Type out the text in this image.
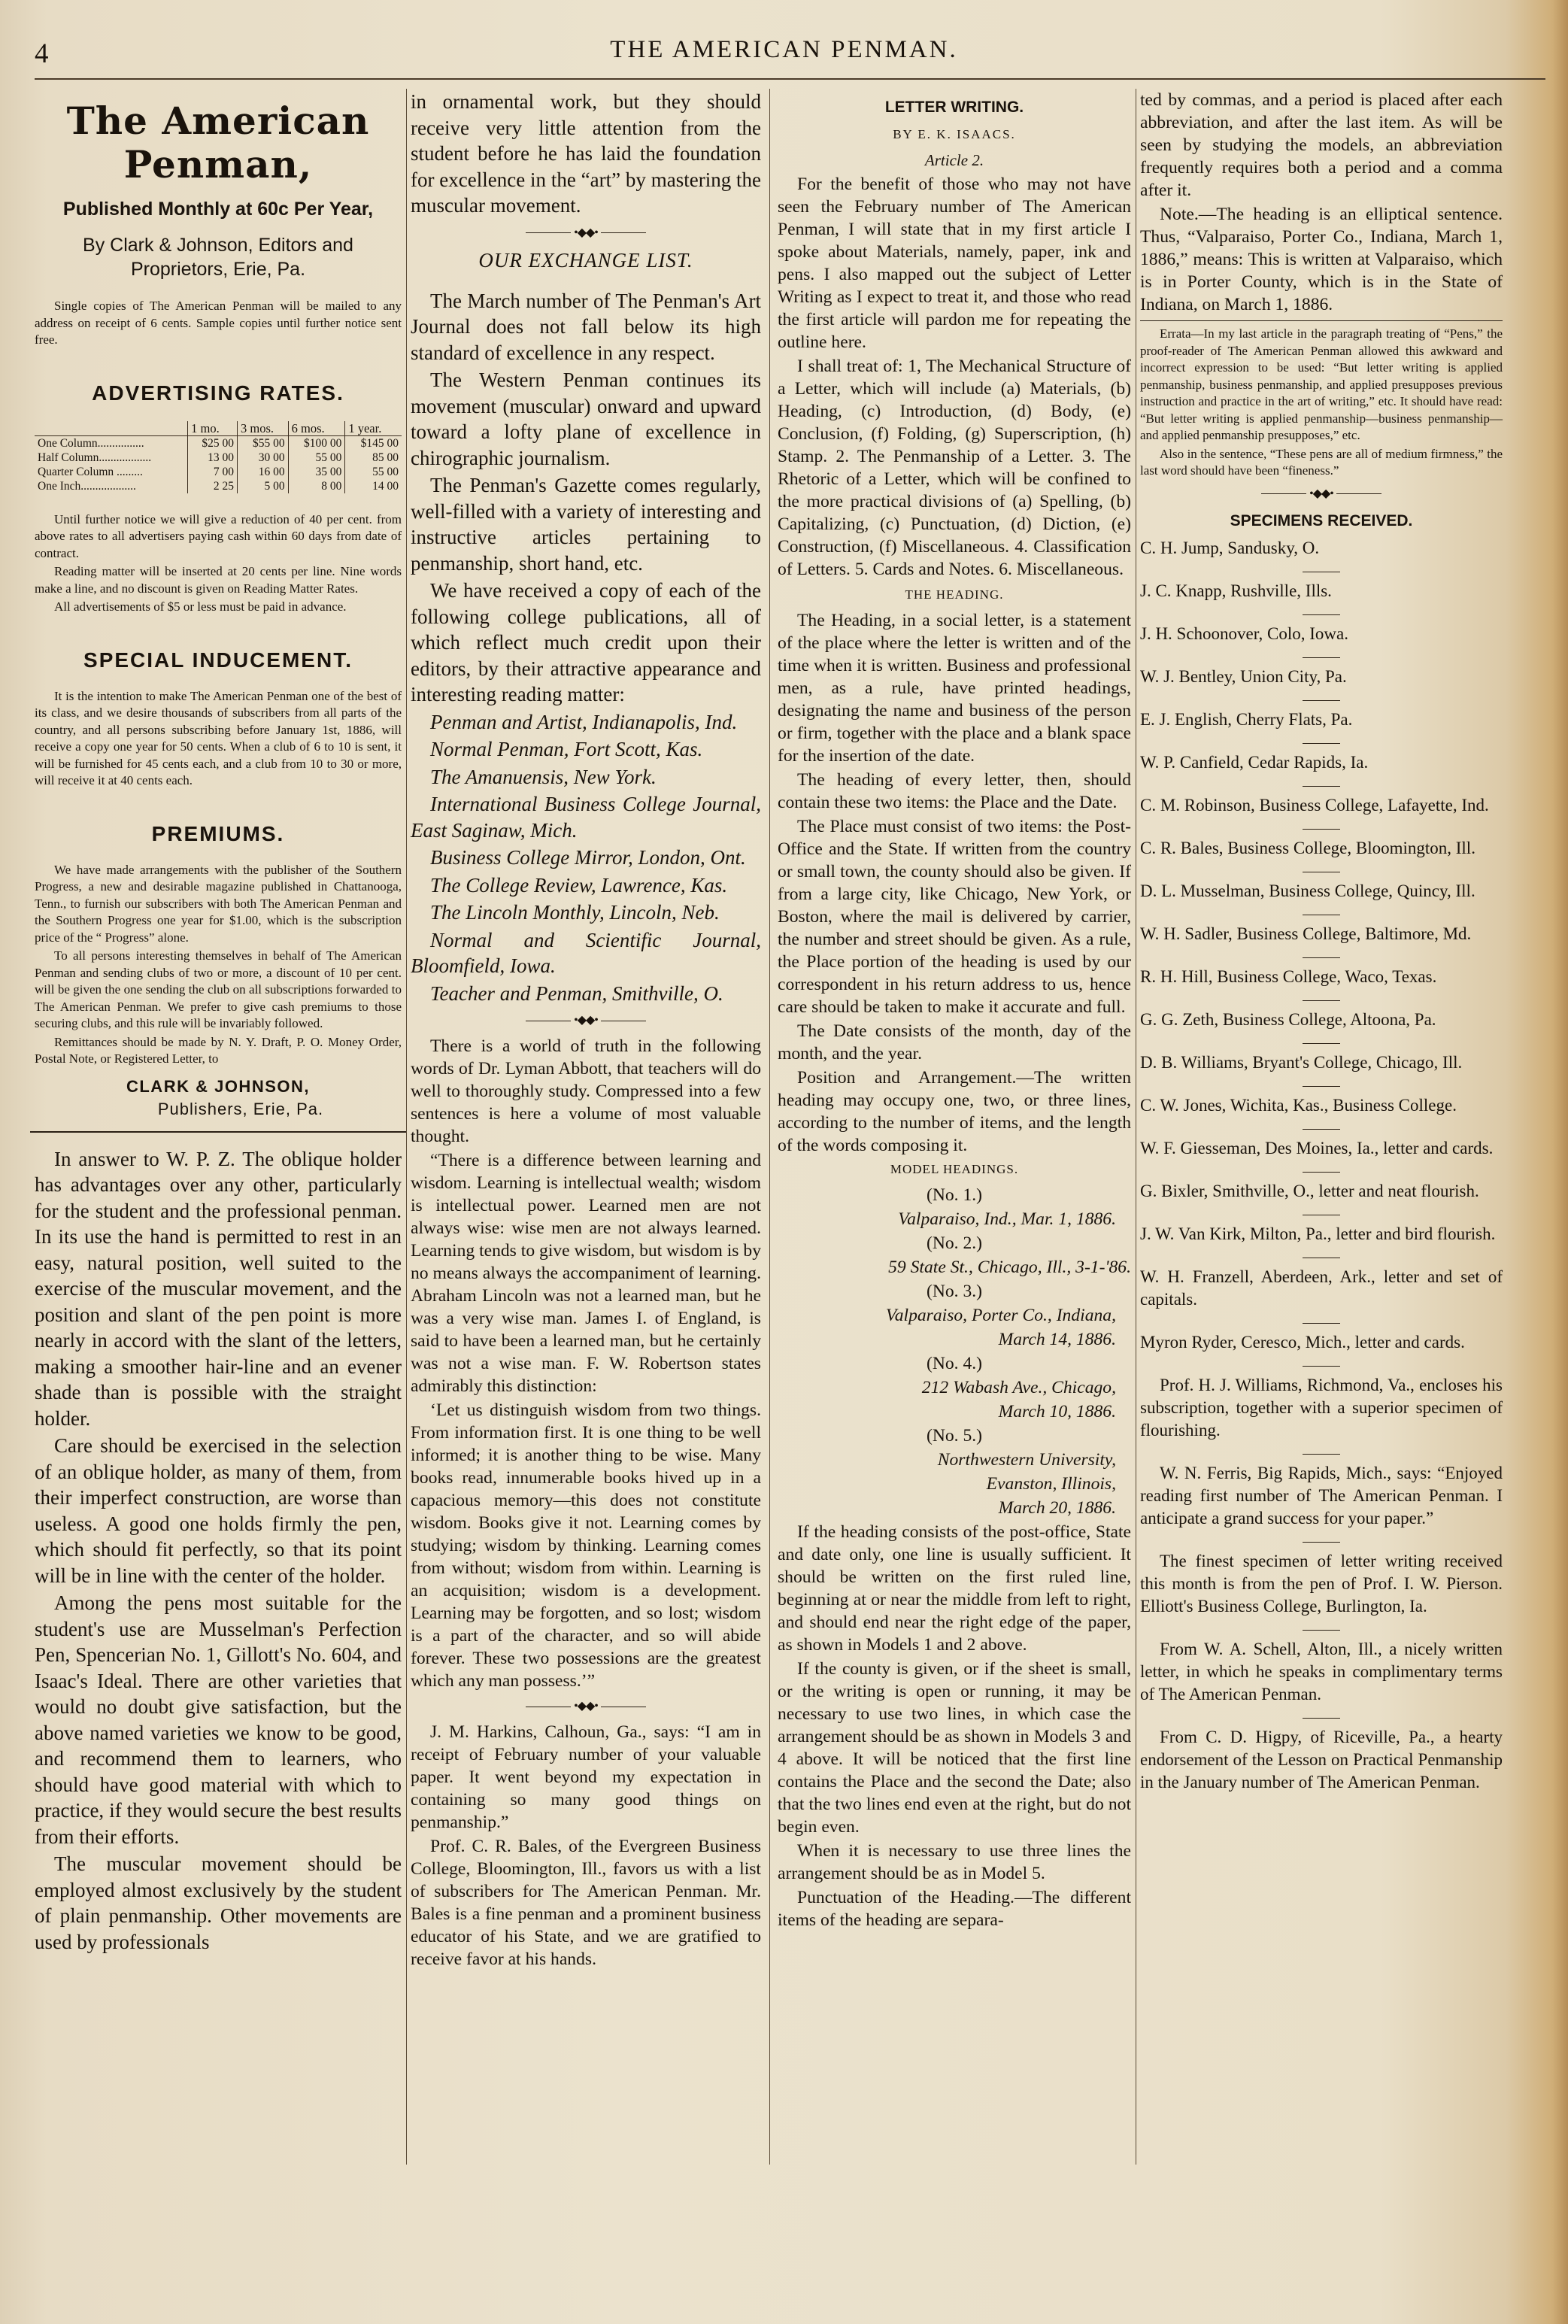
4	THE AMERICAN PENMAN.
The American Penman,
Published Monthly at 60c Per Year,
By Clark & Johnson, Editors and Proprietors, Erie, Pa.

Single copies of The American Penman will be mailed to any address on receipt of 6 cents. Sample copies until further notice sent free.

ADVERTISING RATES.
	1 mo.	3 mos.	6 mos.	1 year.
One Column................	$25 00	$55 00	$100 00	$145 00
Half Column..................	13 00	30 00	55 00	85 00
Quarter Column .........	7 00	16 00	35 00	55 00
One Inch...................	2 25	5 00	8 00	14 00

Until further notice we will give a reduction of 40 per cent. from above rates to all advertisers paying cash within 60 days from date of contract.

Reading matter will be inserted at 20 cents per line. Nine words make a line, and no discount is given on Reading Matter Rates.

All advertisements of $5 or less must be paid in advance.

SPECIAL INDUCEMENT.

It is the intention to make The American Penman one of the best of its class, and we desire thousands of subscribers from all parts of the country, and all persons subscribing before January 1st, 1886, will receive a copy one year for 50 cents. When a club of 6 to 10 is sent, it will be furnished for 45 cents each, and a club from 10 to 30 or more, will receive it at 40 cents each.

PREMIUMS.

We have made arrangements with the publisher of the Southern Progress, a new and desirable magazine published in Chattanooga, Tenn., to furnish our subscribers with both The American Penman and the Southern Progress one year for $1.00, which is the subscription price of the “ Progress” alone.

To all persons interesting themselves in behalf of The American Penman and sending clubs of two or more, a discount of 10 per cent. will be given the one sending the club on all subscriptions forwarded to The American Penman. We prefer to give cash premiums to those securing clubs, and this rule will be invariably followed.

Remittances should be made by N. Y. Draft, P. O. Money Order, Postal Note, or Registered Letter, to

CLARK & JOHNSON,
Publishers, Erie, Pa.

In answer to W. P. Z. The oblique holder has advantages over any other, particularly for the student and the professional penman. In its use the hand is permitted to rest in an easy, natural position, well suited to the exercise of the muscular movement, and the position and slant of the pen point is more nearly in accord with the slant of the letters, making a smoother hair-line and an evener shade than is possible with the straight holder.

Care should be exercised in the selection of an oblique holder, as many of them, from their imperfect construction, are worse than useless. A good one holds firmly the pen, which should fit perfectly, so that its point will be in line with the center of the holder.

Among the pens most suitable for the student's use are Musselman's Perfection Pen, Spencerian No. 1, Gillott's No. 604, and Isaac's Ideal. There are other varieties that would no doubt give satisfaction, but the above named varieties we know to be good, and recommend them to learners, who should have good material with which to practice, if they would secure the best results from their efforts.

The muscular movement should be employed almost exclusively by the student of plain penmanship. Other movements are used by professionals

in ornamental work, but they should receive very little attention from the student before he has laid the foundation for excellence in the “art” by mastering the muscular movement.

•◆◆•
OUR EXCHANGE LIST.

The March number of The Penman's Art Journal does not fall below its high standard of excellence in any respect.

The Western Penman continues its movement (muscular) onward and upward toward a lofty plane of excellence in chirographic journalism.

The Penman's Gazette comes regularly, well-filled with a variety of interesting and instructive articles pertaining to penmanship, short hand, etc.

We have received a copy of each of the following college publications, all of which reflect much credit upon their editors, by their attractive appearance and interesting reading matter:

Penman and Artist, Indianapolis, Ind.

Normal Penman, Fort Scott, Kas.

The Amanuensis, New York.

International Business College Journal, East Saginaw, Mich.

Business College Mirror, London, Ont.

The College Review, Lawrence, Kas.

The Lincoln Monthly, Lincoln, Neb.

Normal and Scientific Journal, Bloomfield, Iowa.

Teacher and Penman, Smithville, O.

•◆◆•

There is a world of truth in the following words of Dr. Lyman Abbott, that teachers will do well to thoroughly study. Compressed into a few sentences is here a volume of most valuable thought.

“There is a difference between learning and wisdom. Learning is intellectual wealth; wisdom is intellectual power. Learned men are not always wise: wise men are not always learned. Learning tends to give wisdom, but wisdom is by no means always the accompaniment of learning. Abraham Lincoln was not a learned man, but he was a very wise man. James I. of England, is said to have been a learned man, but he certainly was not a wise man. F. W. Robertson states admirably this distinction:

‘Let us distinguish wisdom from two things. From information first. It is one thing to be well informed; it is another thing to be wise. Many books read, innumerable books hived up in a capacious memory—this does not constitute wisdom. Books give it not. Learning comes by studying; wisdom by thinking. Learning comes from without; wisdom from within. Learning is an acquisition; wisdom is a development. Learning may be forgotten, and so lost; wisdom is a part of the character, and so will abide forever. These two possessions are the greatest which any man possess.’”

•◆◆•

J. M. Harkins, Calhoun, Ga., says: “I am in receipt of February number of your valuable paper. It went beyond my expectation in containing so many good things on penmanship.”

Prof. C. R. Bales, of the Evergreen Business College, Bloomington, Ill., favors us with a list of subscribers for The American Penman. Mr. Bales is a fine penman and a prominent business educator of his State, and we are gratified to receive favor at his hands.

LETTER WRITING.
BY E. K. ISAACS.
Article 2.

For the benefit of those who may not have seen the February number of The American Penman, I will state that in my first article I spoke about Materials, namely, paper, ink and pens. I also mapped out the subject of Letter Writing as I expect to treat it, and those who read the first article will pardon me for repeating the outline here.

I shall treat of: 1, The Mechanical Structure of a Letter, which will include (a) Materials, (b) Heading, (c) Introduction, (d) Body, (e) Conclusion, (f) Folding, (g) Superscription, (h) Stamp. 2. The Penmanship of a Letter. 3. The Rhetoric of a Letter, which will be confined to the more practical divisions of (a) Spelling, (b) Capitalizing, (c) Punctuation, (d) Diction, (e) Construction, (f) Miscellaneous. 4. Classification of Letters. 5. Cards and Notes. 6. Miscellaneous.

THE HEADING.

The Heading, in a social letter, is a statement of the place where the letter is written and of the time when it is written. Business and professional men, as a rule, have printed headings, designating the name and business of the person or firm, together with the place and a blank space for the insertion of the date.

The heading of every letter, then, should contain these two items: the Place and the Date.

The Place must consist of two items: the Post-Office and the State. If written from the country or small town, the county should also be given. If from a large city, like Chicago, New York, or Boston, where the mail is delivered by carrier, the number and street should be given. As a rule, the Place portion of the heading is used by our correspondent in his return address to us, hence care should be taken to make it accurate and full.

The Date consists of the month, day of the month, and the year.

Position and Arrangement.—The written heading may occupy one, two, or three lines, according to the number of items, and the length of the words composing it.

MODEL HEADINGS.

(No. 1.)

Valparaiso, Ind., Mar. 1, 1886.

(No. 2.)

59 State St., Chicago, Ill., 3-1-'86.

(No. 3.)

Valparaiso, Porter Co., Indiana,

March 14, 1886.

(No. 4.)

212 Wabash Ave., Chicago,

March 10, 1886.

(No. 5.)

Northwestern University,

Evanston, Illinois,

March 20, 1886.

If the heading consists of the post-office, State and date only, one line is usually sufficient. It should be written on the first ruled line, beginning at or near the middle from left to right, and should end near the right edge of the paper, as shown in Models 1 and 2 above.

If the county is given, or if the sheet is small, or the writing is open or running, it may be necessary to use two lines, in which case the arrangement should be as shown in Models 3 and 4 above. It will be noticed that the first line contains the Place and the second the Date; also that the two lines end even at the right, but do not begin even.

When it is necessary to use three lines the arrangement should be as in Model 5.

Punctuation of the Heading.—The different items of the heading are separa-

ted by commas, and a period is placed after each abbreviation, and after the last item. As will be seen by studying the models, an abbreviation frequently requires both a period and a comma after it.

Note.—The heading is an elliptical sentence. Thus, “Valparaiso, Porter Co., Indiana, March 1, 1886,” means: This is written at Valparaiso, which is in Porter County, which is in the State of Indiana, on March 1, 1886.

Errata—In my last article in the paragraph treating of “Pens,” the proof-reader of The American Penman allowed this awkward and incorrect expression to be used: “But letter writing is applied penmanship, business penmanship, and applied presupposes previous instruction and practice in the art of writing,” etc. It should have read: “But letter writing is applied penmanship—business penmanship—and applied penmanship presupposes,” etc.

Also in the sentence, “These pens are all of medium firmness,” the last word should have been “fineness.”

•◆◆•
SPECIMENS RECEIVED.

C. H. Jump, Sandusky, O.

J. C. Knapp, Rushville, Ills.

J. H. Schoonover, Colo, Iowa.

W. J. Bentley, Union City, Pa.

E. J. English, Cherry Flats, Pa.

W. P. Canfield, Cedar Rapids, Ia.

C. M. Robinson, Business College, Lafayette, Ind.

C. R. Bales, Business College, Bloomington, Ill.

D. L. Musselman, Business College, Quincy, Ill.

W. H. Sadler, Business College, Baltimore, Md.

R. H. Hill, Business College, Waco, Texas.

G. G. Zeth, Business College, Altoona, Pa.

D. B. Williams, Bryant's College, Chicago, Ill.

C. W. Jones, Wichita, Kas., Business College.

W. F. Giesseman, Des Moines, Ia., letter and cards.

G. Bixler, Smithville, O., letter and neat flourish.

J. W. Van Kirk, Milton, Pa., letter and bird flourish.

W. H. Franzell, Aberdeen, Ark., letter and set of capitals.

Myron Ryder, Ceresco, Mich., letter and cards.

Prof. H. J. Williams, Richmond, Va., encloses his subscription, together with a superior specimen of flourishing.

W. N. Ferris, Big Rapids, Mich., says: “Enjoyed reading first number of The American Penman. I anticipate a grand success for your paper.”

The finest specimen of letter writing received this month is from the pen of Prof. I. W. Pierson. Elliott's Business College, Burlington, Ia.

From W. A. Schell, Alton, Ill., a nicely written letter, in which he speaks in complimentary terms of The American Penman.

From C. D. Higpy, of Riceville, Pa., a hearty endorsement of the Lesson on Practical Penmanship in the January number of The American Penman.
